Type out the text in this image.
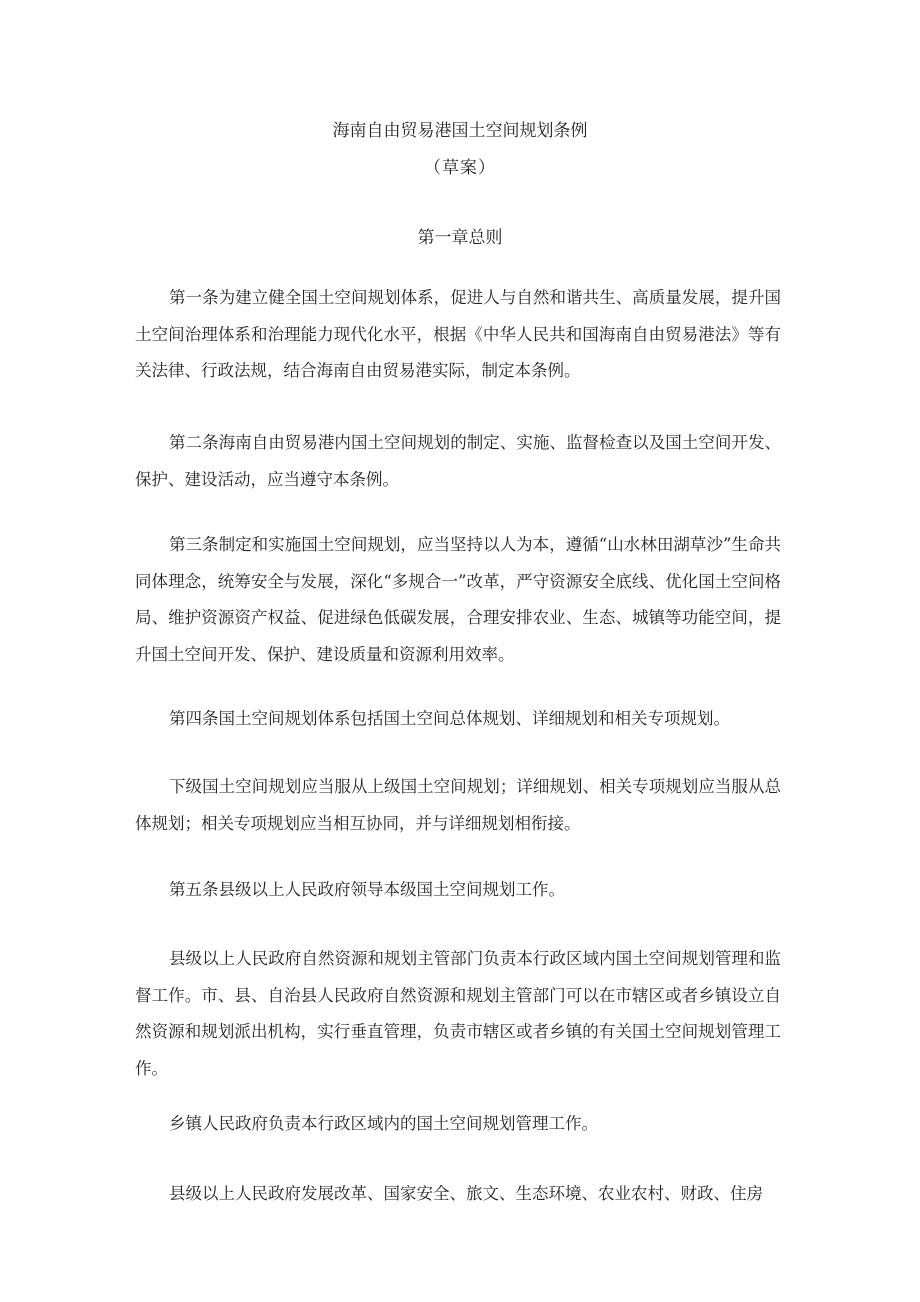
海南自由贸易港国土空间规划条例
（草案）
第一章总则

第一条为建立健全国土空间规划体系，促进人与自然和谐共生、高质量发展，提升国土空间治理体系和治理能力现代化水平，根据《中华人民共和国海南自由贸易港法》等有关法律、行政法规，结合海南自由贸易港实际，制定本条例。

第二条海南自由贸易港内国土空间规划的制定、实施、监督检查以及国土空间开发、保护、建设活动，应当遵守本条例。

第三条制定和实施国土空间规划，应当坚持以人为本，遵循“山水林田湖草沙”生命共同体理念，统筹安全与发展，深化“多规合一”改革，严守资源安全底线、优化国土空间格局、维护资源资产权益、促进绿色低碳发展，合理安排农业、生态、城镇等功能空间，提升国土空间开发、保护、建设质量和资源利用效率。

第四条国土空间规划体系包括国土空间总体规划、详细规划和相关专项规划。

下级国土空间规划应当服从上级国土空间规划；详细规划、相关专项规划应当服从总体规划；相关专项规划应当相互协同，并与详细规划相衔接。

第五条县级以上人民政府领导本级国土空间规划工作。

县级以上人民政府自然资源和规划主管部门负责本行政区域内国土空间规划管理和监督工作。市、县、自治县人民政府自然资源和规划主管部门可以在市辖区或者乡镇设立自然资源和规划派出机构，实行垂直管理，负责市辖区或者乡镇的有关国土空间规划管理工作。

乡镇人民政府负责本行政区域内的国土空间规划管理工作。

县级以上人民政府发展改革、国家安全、旅文、生态环境、农业农村、财政、住房
